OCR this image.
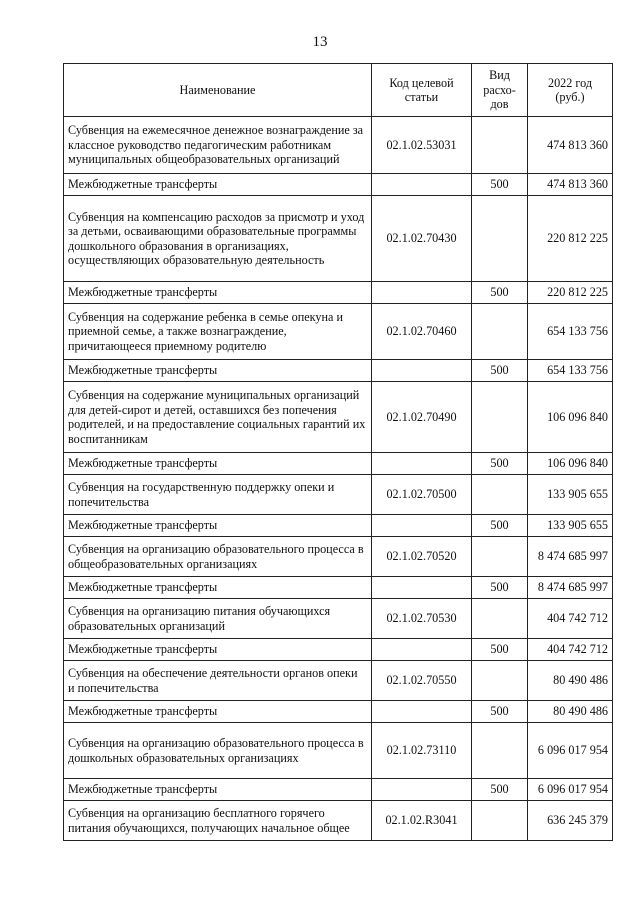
13
Наименование	Код целевой статьи	Вид расхо-дов	2022 год (руб.)
Субвенция на ежемесячное денежное вознаграждение за классное руководство педагогическим работникам муниципальных общеобразовательных организаций	02.1.02.53031		474 813 360
Межбюджетные трансферты		500	474 813 360
Субвенция на компенсацию расходов за присмотр и уход за детьми, осваивающими образовательные программы дошкольного образования в организациях, осуществляющих образовательную деятельность	02.1.02.70430		220 812 225
Межбюджетные трансферты		500	220 812 225
Субвенция на содержание ребенка в семье опекуна и приемной семье, а также вознаграждение, причитающееся приемному родителю	02.1.02.70460		654 133 756
Межбюджетные трансферты		500	654 133 756
Субвенция на содержание муниципальных организаций для детей-сирот и детей, оставшихся без попечения родителей, и на предоставление социальных гарантий их воспитанникам	02.1.02.70490		106 096 840
Межбюджетные трансферты		500	106 096 840
Субвенция на государственную поддержку опеки и попечительства	02.1.02.70500		133 905 655
Межбюджетные трансферты		500	133 905 655
Субвенция на организацию образовательного процесса в общеобразовательных организациях	02.1.02.70520		8 474 685 997
Межбюджетные трансферты		500	8 474 685 997
Субвенция на организацию питания обучающихся образовательных организаций	02.1.02.70530		404 742 712
Межбюджетные трансферты		500	404 742 712
Субвенция на обеспечение деятельности органов опеки и попечительства	02.1.02.70550		80 490 486
Межбюджетные трансферты		500	80 490 486
Субвенция на организацию образовательного процесса в дошкольных образовательных организациях	02.1.02.73110		6 096 017 954
Межбюджетные трансферты		500	6 096 017 954
Субвенция на организацию бесплатного горячего питания обучающихся, получающих начальное общее	02.1.02.R3041		636 245 379
